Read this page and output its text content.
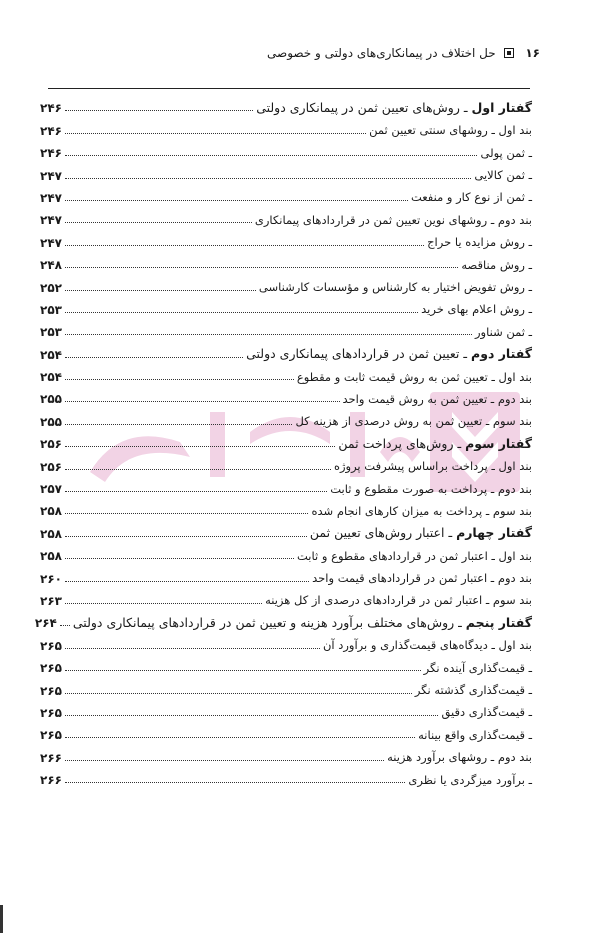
۱۶  حل اختلاف در پیمانکاری‌های دولتی و خصوصی
گفتار اول ـ روش‌های تعیین ثمن در پیمانکاری دولتی
۲۴۶
بند اول ـ روشهای سنتی تعیین ثمن
۲۴۶
ـ ثمن پولی
۲۴۶
ـ ثمن کالایی
۲۴۷
ـ ثمن از نوع کار و منفعت
۲۴۷
بند دوم ـ روشهای نوین تعیین ثمن در قراردادهای پیمانکاری
۲۴۷
ـ روش مزایده یا حراج
۲۴۷
ـ روش مناقصه
۲۴۸
ـ روش تفویض اختیار به کارشناس و مؤسسات کارشناسی
۲۵۲
ـ روش اعلام بهای خرید
۲۵۳
ـ ثمن شناور
۲۵۳
گفتار دوم ـ تعیین ثمن در قراردادهای پیمانکاری دولتی
۲۵۴
بند اول ـ تعیین ثمن به روش قیمت ثابت و مقطوع
۲۵۴
بند دوم ـ تعیین ثمن به روش قیمت واحد
۲۵۵
بند سوم ـ تعیین ثمن به روش درصدی از هزینه کل
۲۵۵
گفتار سوم ـ روش‌های پرداخت ثمن
۲۵۶
بند اول ـ پرداخت براساس پیشرفت پروژه
۲۵۶
بند دوم ـ پرداخت به صورت مقطوع و ثابت
۲۵۷
بند سوم ـ پرداخت به میزان کارهای انجام شده
۲۵۸
گفتار چهارم ـ اعتبار روش‌های تعیین ثمن
۲۵۸
بند اول ـ اعتبار ثمن در قراردادهای مقطوع و ثابت
۲۵۸
بند دوم ـ اعتبار ثمن در قراردادهای قیمت واحد
۲۶۰
بند سوم ـ اعتبار ثمن در قراردادهای درصدی از کل هزینه
۲۶۳
گفتار پنجم ـ روش‌های مختلف برآورد هزینه و تعیین ثمن در قراردادهای پیمانکاری دولتی
۲۶۴
بند اول ـ دیدگاه‌های قیمت‌گذاری و برآورد آن
۲۶۵
ـ قیمت‌گذاری آینده نگر
۲۶۵
ـ قیمت‌گذاری گذشته نگر
۲۶۵
ـ قیمت‌گذاری دقیق
۲۶۵
ـ قیمت‌گذاری واقع بینانه
۲۶۵
بند دوم ـ روشهای برآورد هزینه
۲۶۶
ـ برآورد میزگردی یا نظری
۲۶۶
